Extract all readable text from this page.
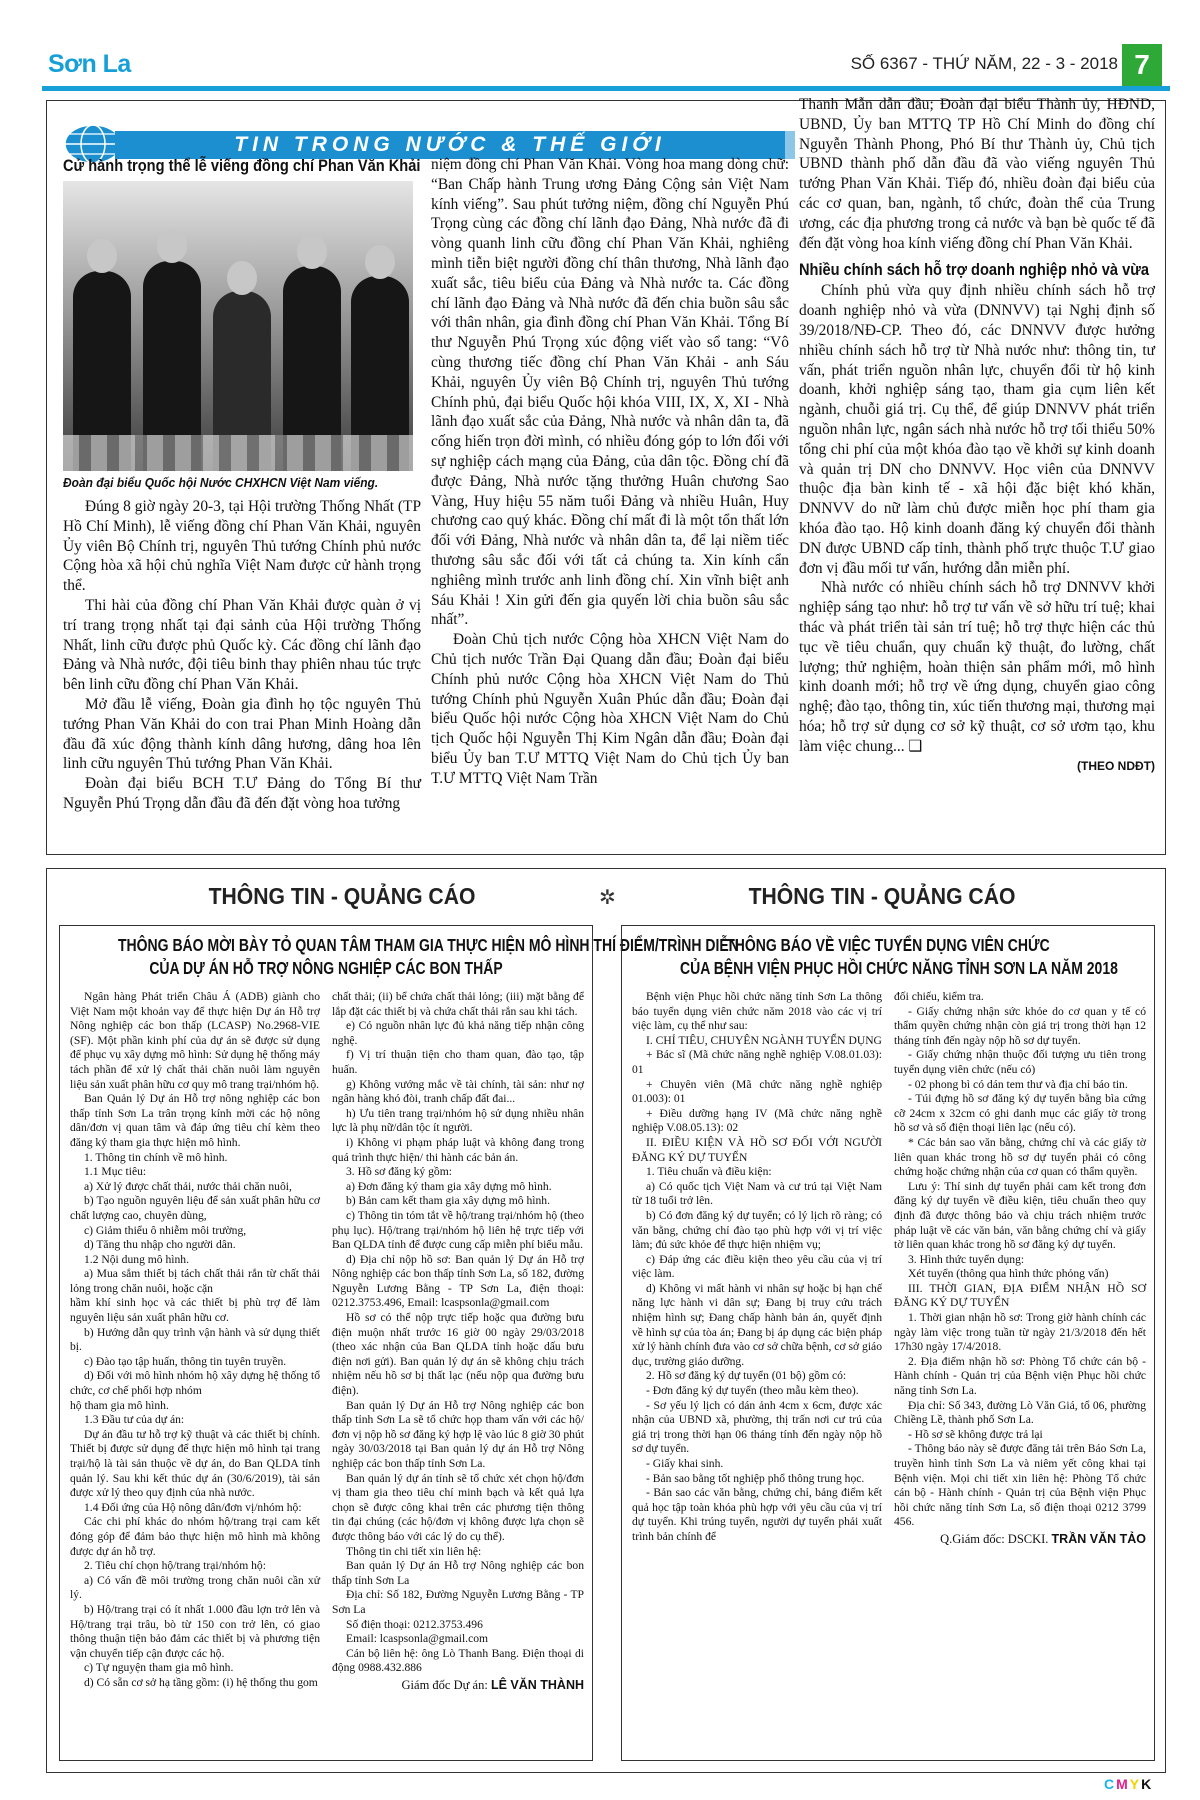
Sơn La	SỐ 6367 - THỨ NĂM, 22 - 3 - 2018 7
TIN TRONG NƯỚC & THẾ GIỚI
Cử hành trọng thể lễ viếng đồng chí Phan Văn Khải
Đoàn đại biểu Quốc hội Nước CHXHCN Việt Nam viếng.

Đúng 8 giờ ngày 20-3, tại Hội trường Thống Nhất (TP Hồ Chí Minh), lễ viếng đồng chí Phan Văn Khải, nguyên Ủy viên Bộ Chính trị, nguyên Thủ tướng Chính phủ nước Cộng hòa xã hội chủ nghĩa Việt Nam được cử hành trọng thể.

Thi hài của đồng chí Phan Văn Khải được quàn ở vị trí trang trọng nhất tại đại sảnh của Hội trường Thống Nhất, linh cữu được phủ Quốc kỳ. Các đồng chí lãnh đạo Đảng và Nhà nước, đội tiêu binh thay phiên nhau túc trực bên linh cữu đồng chí Phan Văn Khải.

Mở đầu lễ viếng, Đoàn gia đình họ tộc nguyên Thủ tướng Phan Văn Khải do con trai Phan Minh Hoàng dẫn đầu đã xúc động thành kính dâng hương, dâng hoa lên linh cữu nguyên Thủ tướng Phan Văn Khải.

Đoàn đại biểu BCH T.Ư Đảng do Tổng Bí thư Nguyễn Phú Trọng dẫn đầu đã đến đặt vòng hoa tưởng

niệm đồng chí Phan Văn Khải. Vòng hoa mang dòng chữ: “Ban Chấp hành Trung ương Đảng Cộng sản Việt Nam kính viếng”. Sau phút tưởng niệm, đồng chí Nguyễn Phú Trọng cùng các đồng chí lãnh đạo Đảng, Nhà nước đã đi vòng quanh linh cữu đồng chí Phan Văn Khải, nghiêng mình tiễn biệt người đồng chí thân thương, Nhà lãnh đạo xuất sắc, tiêu biểu của Đảng và Nhà nước ta. Các đồng chí lãnh đạo Đảng và Nhà nước đã đến chia buồn sâu sắc với thân nhân, gia đình đồng chí Phan Văn Khải. Tổng Bí thư Nguyễn Phú Trọng xúc động viết vào sổ tang: “Vô cùng thương tiếc đồng chí Phan Văn Khải - anh Sáu Khải, nguyên Ủy viên Bộ Chính trị, nguyên Thủ tướng Chính phủ, đại biểu Quốc hội khóa VIII, IX, X, XI - Nhà lãnh đạo xuất sắc của Đảng, Nhà nước và nhân dân ta, đã cống hiến trọn đời mình, có nhiều đóng góp to lớn đối với sự nghiệp cách mạng của Đảng, của dân tộc. Đồng chí đã được Đảng, Nhà nước tặng thưởng Huân chương Sao Vàng, Huy hiệu 55 năm tuổi Đảng và nhiều Huân, Huy chương cao quý khác. Đồng chí mất đi là một tổn thất lớn đối với Đảng, Nhà nước và nhân dân ta, để lại niềm tiếc thương sâu sắc đối với tất cả chúng ta. Xin kính cẩn nghiêng mình trước anh linh đồng chí. Xin vĩnh biệt anh Sáu Khải ! Xin gửi đến gia quyến lời chia buồn sâu sắc nhất”.

Đoàn Chủ tịch nước Cộng hòa XHCN Việt Nam do Chủ tịch nước Trần Đại Quang dẫn đầu; Đoàn đại biểu Chính phủ nước Cộng hòa XHCN Việt Nam do Thủ tướng Chính phủ Nguyễn Xuân Phúc dẫn đầu; Đoàn đại biểu Quốc hội nước Cộng hòa XHCN Việt Nam do Chủ tịch Quốc hội Nguyễn Thị Kim Ngân dẫn đầu; Đoàn đại biểu Ủy ban T.Ư MTTQ Việt Nam do Chủ tịch Ủy ban T.Ư MTTQ Việt Nam Trần

Thanh Mẫn dẫn đầu; Đoàn đại biểu Thành ủy, HĐND, UBND, Ủy ban MTTQ TP Hồ Chí Minh do đồng chí Nguyễn Thành Phong, Phó Bí thư Thành ủy, Chủ tịch UBND thành phố dẫn đầu đã vào viếng nguyên Thủ tướng Phan Văn Khải. Tiếp đó, nhiều đoàn đại biểu của các cơ quan, ban, ngành, tổ chức, đoàn thể của Trung ương, các địa phương trong cả nước và bạn bè quốc tế đã đến đặt vòng hoa kính viếng đồng chí Phan Văn Khải.

Nhiều chính sách hỗ trợ doanh nghiệp nhỏ và vừa

Chính phủ vừa quy định nhiều chính sách hỗ trợ doanh nghiệp nhỏ và vừa (DNNVV) tại Nghị định số 39/2018/NĐ-CP. Theo đó, các DNNVV được hưởng nhiều chính sách hỗ trợ từ Nhà nước như: thông tin, tư vấn, phát triển nguồn nhân lực, chuyển đổi từ hộ kinh doanh, khởi nghiệp sáng tạo, tham gia cụm liên kết ngành, chuỗi giá trị. Cụ thể, để giúp DNNVV phát triển nguồn nhân lực, ngân sách nhà nước hỗ trợ tối thiểu 50% tổng chi phí của một khóa đào tạo về khởi sự kinh doanh và quản trị DN cho DNNVV. Học viên của DNNVV thuộc địa bàn kinh tế - xã hội đặc biệt khó khăn, DNNVV do nữ làm chủ được miễn học phí tham gia khóa đào tạo. Hộ kinh doanh đăng ký chuyển đổi thành DN được UBND cấp tỉnh, thành phố trực thuộc T.Ư giao đơn vị đầu mối tư vấn, hướng dẫn miễn phí.

Nhà nước có nhiều chính sách hỗ trợ DNNVV khởi nghiệp sáng tạo như: hỗ trợ tư vấn về sở hữu trí tuệ; khai thác và phát triển tài sản trí tuệ; hỗ trợ thực hiện các thủ tục về tiêu chuẩn, quy chuẩn kỹ thuật, đo lường, chất lượng; thử nghiệm, hoàn thiện sản phẩm mới, mô hình kinh doanh mới; hỗ trợ về ứng dụng, chuyển giao công nghệ; đào tạo, thông tin, xúc tiến thương mại, thương mại hóa; hỗ trợ sử dụng cơ sở kỹ thuật, cơ sở ươm tạo, khu làm việc chung... ❑

(THEO NDĐT)
THÔNG TIN - QUẢNG CÁO	✲	THÔNG TIN - QUẢNG CÁO
THÔNG BÁO MỜI BÀY TỎ QUAN TÂM THAM GIA THỰC HIỆN MÔ HÌNH THÍ ĐIỂM/TRÌNH DIỄN
CỦA DỰ ÁN HỖ TRỢ NÔNG NGHIỆP CÁC BON THẤP

Ngân hàng Phát triển Châu Á (ADB) giành cho Việt Nam một khoản vay để thực hiện Dự án Hỗ trợ Nông nghiệp các bon thấp (LCASP) No.2968-VIE (SF). Một phần kinh phí của dự án sẽ được sử dụng để phục vụ xây dựng mô hình: Sử dụng hệ thống máy tách phần để xử lý chất thải chăn nuôi làm nguyên liệu sản xuất phân hữu cơ quy mô trang trại/nhóm hộ.

Ban Quản lý Dự án Hỗ trợ nông nghiệp các bon thấp tỉnh Sơn La trân trọng kính mời các hộ nông dân/đơn vị quan tâm và đáp ứng tiêu chí kèm theo đăng ký tham gia thực hiện mô hình.

1. Thông tin chính về mô hình.

1.1 Mục tiêu:

a) Xử lý được chất thải, nước thải chăn nuôi,

b) Tạo nguồn nguyên liệu để sản xuất phân hữu cơ chất lượng cao, chuyên dùng,

c) Giảm thiểu ô nhiễm môi trường,

d) Tăng thu nhập cho người dân.

1.2 Nội dung mô hình.

a) Mua sắm thiết bị tách chất thải rắn từ chất thải lỏng trong chăn nuôi, hoặc cặn

hầm khí sinh học và các thiết bị phù trợ để làm nguyên liệu sản xuất phân hữu cơ.

b) Hướng dẫn quy trình vận hành và sử dụng thiết bị.

c) Đào tạo tập huấn, thông tin tuyên truyền.

d) Đối với mô hình nhóm hộ xây dựng hệ thống tổ chức, cơ chế phối hợp nhóm

hộ tham gia mô hình.

1.3 Đầu tư của dự án:

Dự án đầu tư hỗ trợ kỹ thuật và các thiết bị chính. Thiết bị được sử dụng để thực hiện mô hình tại trang trại/hộ là tài sản thuộc về dự án, do Ban QLDA tỉnh quản lý. Sau khi kết thúc dự án (30/6/2019), tài sản được xử lý theo quy định của nhà nước.

1.4 Đối ứng của Hộ nông dân/đơn vị/nhóm hộ:

Các chi phí khác do nhóm hộ/trang trại cam kết đóng góp để đảm bảo thực hiện mô hình mà không được dự án hỗ trợ.

2. Tiêu chí chọn hộ/trang trại/nhóm hộ:

a) Có vấn đề môi trường trong chăn nuôi cần xử lý.

b) Hộ/trang trại có ít nhất 1.000 đầu lợn trở lên và Hộ/trang trại trâu, bò từ 150 con trở lên, có giao thông thuận tiện bảo đảm các thiết bị và phương tiện vận chuyển tiếp cận được các hộ.

c) Tự nguyện tham gia mô hình.

d) Có sẵn cơ sở hạ tầng gồm: (i) hệ thống thu gom

chất thải; (ii) bể chứa chất thải lỏng; (iii) mặt bằng để lắp đặt các thiết bị và chứa chất thải rắn sau khi tách.

e) Có nguồn nhân lực đủ khả năng tiếp nhận công nghệ.

f) Vị trí thuận tiện cho tham quan, đào tạo, tập huấn.

g) Không vướng mắc về tài chính, tài sản: như nợ ngân hàng khó đòi, tranh chấp đất đai...

h) Ưu tiên trang trại/nhóm hộ sử dụng nhiều nhân lực là phụ nữ/dân tộc ít người.

i) Không vi phạm pháp luật và không đang trong quá trình thực hiện/ thi hành các bản án.

3. Hồ sơ đăng ký gồm:

a) Đơn đăng ký tham gia xây dựng mô hình.

b) Bản cam kết tham gia xây dựng mô hình.

c) Thông tin tóm tắt về hộ/trang trại/nhóm hộ (theo phụ lục). Hộ/trang trại/nhóm hộ liên hệ trực tiếp với Ban QLDA tỉnh để được cung cấp miễn phí biểu mẫu.

d) Địa chỉ nộp hồ sơ: Ban quản lý Dự án Hỗ trợ Nông nghiệp các bon thấp tỉnh Sơn La, số 182, đường Nguyễn Lương Bằng - TP Sơn La, điện thoại: 0212.3753.496, Email: lcaspsonla@gmail.com

Hồ sơ có thể nộp trực tiếp hoặc qua đường bưu điện muộn nhất trước 16 giờ 00 ngày 29/03/2018 (theo xác nhận của Ban QLDA tỉnh hoặc dấu bưu điện nơi gửi). Ban quản lý dự án sẽ không chịu trách nhiệm nếu hồ sơ bị thất lạc (nếu nộp qua đường bưu điện).

Ban quản lý Dự án Hỗ trợ Nông nghiệp các bon thấp tỉnh Sơn La sẽ tổ chức họp tham vấn với các hộ/đơn vị nộp hồ sơ đăng ký hợp lệ vào lúc 8 giờ 30 phút ngày 30/03/2018 tại Ban quản lý dự án Hỗ trợ Nông nghiệp các bon thấp tỉnh Sơn La.

Ban quản lý dự án tỉnh sẽ tổ chức xét chọn hộ/đơn vị tham gia theo tiêu chí minh bạch và kết quả lựa chọn sẽ được công khai trên các phương tiện thông tin đại chúng (các hộ/đơn vị không được lựa chọn sẽ được thông báo với các lý do cụ thể).

Thông tin chi tiết xin liên hệ:

Ban quản lý Dự án Hỗ trợ Nông nghiệp các bon thấp tỉnh Sơn La

Địa chỉ: Số 182, Đường Nguyễn Lương Bằng - TP Sơn La

Số điện thoại: 0212.3753.496

Email: lcaspsonla@gmail.com

Cán bộ liên hệ: ông Lò Thanh Bang. Điện thoại di động 0988.432.886

Giám đốc Dự án: LÊ VĂN THÀNH
THÔNG BÁO VỀ VIỆC TUYỂN DỤNG VIÊN CHỨC
CỦA BỆNH VIỆN PHỤC HỒI CHỨC NĂNG TỈNH SƠN LA NĂM 2018

Bệnh viện Phục hồi chức năng tỉnh Sơn La thông báo tuyển dụng viên chức năm 2018 vào các vị trí việc làm, cụ thể như sau:

I. CHỈ TIÊU, CHUYÊN NGÀNH TUYỂN DỤNG

+ Bác sĩ (Mã chức năng nghề nghiệp V.08.01.03): 01

+ Chuyên viên (Mã chức năng nghề nghiệp 01.003): 01

+ Điều dưỡng hạng IV (Mã chức năng nghề nghiệp V.08.05.13): 02

II. ĐIỀU KIỆN VÀ HỒ SƠ ĐỐI VỚI NGƯỜI ĐĂNG KÝ DỰ TUYỂN

1. Tiêu chuẩn và điều kiện:

a) Có quốc tịch Việt Nam và cư trú tại Việt Nam từ 18 tuổi trở lên.

b) Có đơn đăng ký dự tuyển; có lý lịch rõ ràng; có văn bằng, chứng chỉ đào tạo phù hợp với vị trí việc làm; đủ sức khỏe để thực hiện nhiệm vụ;

c) Đáp ứng các điều kiện theo yêu cầu của vị trí việc làm.

d) Không vi mất hành vi nhân sự hoặc bị hạn chế năng lực hành vi dân sự; Đang bị truy cứu trách nhiệm hình sự; Đang chấp hành bản án, quyết định về hình sự của tòa án; Đang bị áp dụng các biện pháp xử lý hành chính đưa vào cơ sở chữa bệnh, cơ sở giáo dục, trường giáo dưỡng.

2. Hồ sơ đăng ký dự tuyển (01 bộ) gồm có:

- Đơn đăng ký dự tuyển (theo mẫu kèm theo).

- Sơ yếu lý lịch có dán ảnh 4cm x 6cm, được xác nhận của UBND xã, phường, thị trấn nơi cư trú của giá trị trong thời hạn 06 tháng tính đến ngày nộp hồ sơ dự tuyển.

- Giấy khai sinh.

- Bản sao bằng tốt nghiệp phổ thông trung học.

- Bản sao các văn bằng, chứng chỉ, bảng điểm kết quả học tập toàn khóa phù hợp với yêu cầu của vị trí dự tuyển. Khi trúng tuyển, người dự tuyển phải xuất trình bản chính để

đối chiếu, kiểm tra.

- Giấy chứng nhận sức khỏe do cơ quan y tế có thẩm quyền chứng nhận còn giá trị trong thời hạn 12 tháng tính đến ngày nộp hồ sơ dự tuyển.

- Giấy chứng nhận thuộc đối tượng ưu tiên trong tuyển dụng viên chức (nếu có)

- 02 phong bì có dán tem thư và địa chỉ báo tin.

- Túi đựng hồ sơ đăng ký dự tuyển bằng bìa cứng cỡ 24cm x 32cm có ghi danh mục các giấy tờ trong hồ sơ và số điện thoại liên lạc (nếu có).

* Các bản sao văn bằng, chứng chỉ và các giấy tờ liên quan khác trong hồ sơ dự tuyển phải có công chứng hoặc chứng nhận của cơ quan có thẩm quyền.

Lưu ý: Thí sinh dự tuyển phải cam kết trong đơn đăng ký dự tuyển về điều kiện, tiêu chuẩn theo quy định đã được thông báo và chịu trách nhiệm trước pháp luật về các văn bản, văn bằng chứng chỉ và giấy tờ liên quan khác trong hồ sơ đăng ký dự tuyển.

3. Hình thức tuyển dụng:

Xét tuyển (thông qua hình thức phỏng vấn)

III. THỜI GIAN, ĐỊA ĐIỂM NHẬN HỒ SƠ ĐĂNG KÝ DỰ TUYỂN

1. Thời gian nhận hồ sơ: Trong giờ hành chính các ngày làm việc trong tuần từ ngày 21/3/2018 đến hết 17h30 ngày 17/4/2018.

2. Địa điểm nhận hồ sơ: Phòng Tổ chức cán bộ - Hành chính - Quản trị của Bệnh viện Phục hồi chức năng tỉnh Sơn La.

Địa chỉ: Số 343, đường Lò Văn Giá, tổ 06, phường Chiềng Lề, thành phố Sơn La.

- Hồ sơ sẽ không được trả lại

- Thông báo này sẽ được đăng tải trên Báo Sơn La, truyền hình tỉnh Sơn La và niêm yết công khai tại Bệnh viện. Mọi chi tiết xin liên hệ: Phòng Tổ chức cán bộ - Hành chính - Quản trị của Bệnh viện Phục hồi chức năng tỉnh Sơn La, số điện thoại 0212 3799 456.

Q.Giám đốc: DSCKI. TRẦN VĂN TẢO
CMYK
